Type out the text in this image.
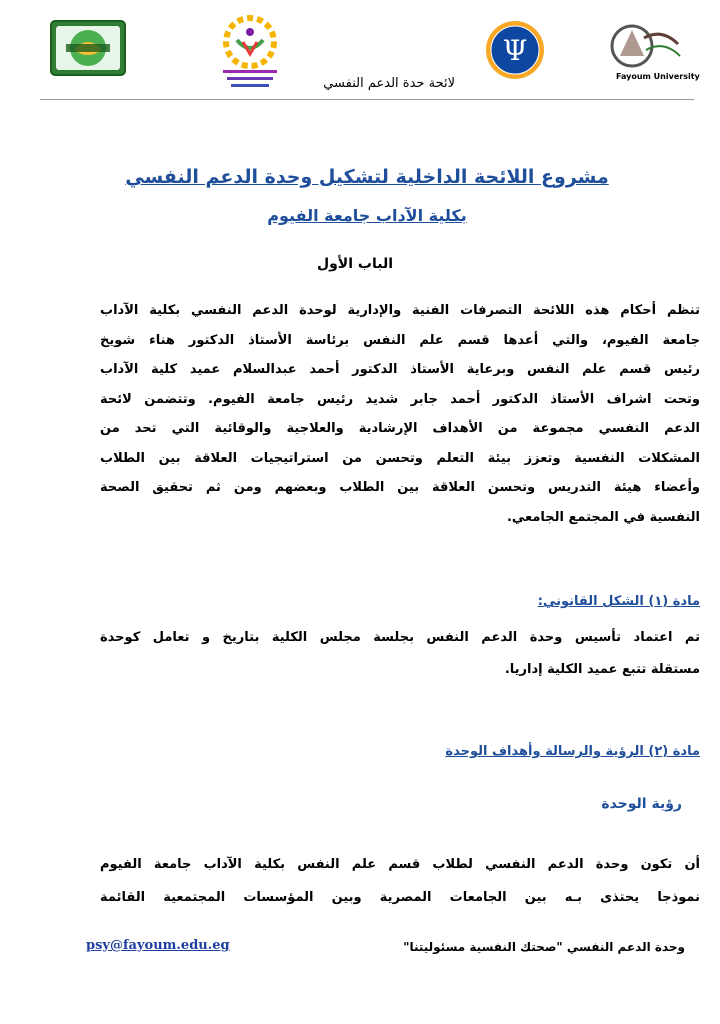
Ψ
Fayoum University
لائحة حدة الدعم النفسي
مشروع اللائحة الداخلية لتشكيل وحدة الدعم النفسي
بكلية الآداب جامعة الفيوم
الباب الأول
تنظم أحكام هذه اللائحة التصرفات الفنية والإدارية لوحدة الدعم النفسي بكلية الآداب
جامعة الفيوم، والتي أعدها قسم علم النفس برئاسة الأستاذ الدكتور هناء شويخ
رئيس قسم علم النفس وبرعاية الأستاذ الدكتور أحمد عبدالسلام عميد كلية الآداب
وتحت اشراف الأستاذ الدكتور أحمد جابر شديد رئيس جامعة الفيوم. وتتضمن لائحة
الدعم النفسي مجموعة من الأهداف الإرشادية والعلاجية والوقائية التي تحد من
المشكلات النفسية وتعزز بيئة التعلم وتحسن من استراتيجيات العلاقة بين الطلاب
وأعضاء هيئة التدريس وتحسن العلاقة بين الطلاب وبعضهم ومن ثم تحقيق الصحة
النفسية في المجتمع الجامعي.
مادة (١) الشكل القانوني:
تم اعتماد تأسيس وحدة الدعم النفس بجلسة مجلس الكلية بتاريخ و تعامل كوحدة
مستقلة تتبع عميد الكلية إداريا.
مادة (٢) الرؤية والرسالة وأهداف الوحدة
رؤية الوحدة
أن تكون وحدة الدعم النفسي لطلاب قسم علم النفس بكلية الآداب جامعة الفيوم
نموذجا يحتذى بـه بين الجامعات المصرية وبين المؤسسات المجتمعية القائمة
psy@fayoum.edu.eg	وحدة الدعم النفسي "صحتك النفسية مسئوليتنا"
